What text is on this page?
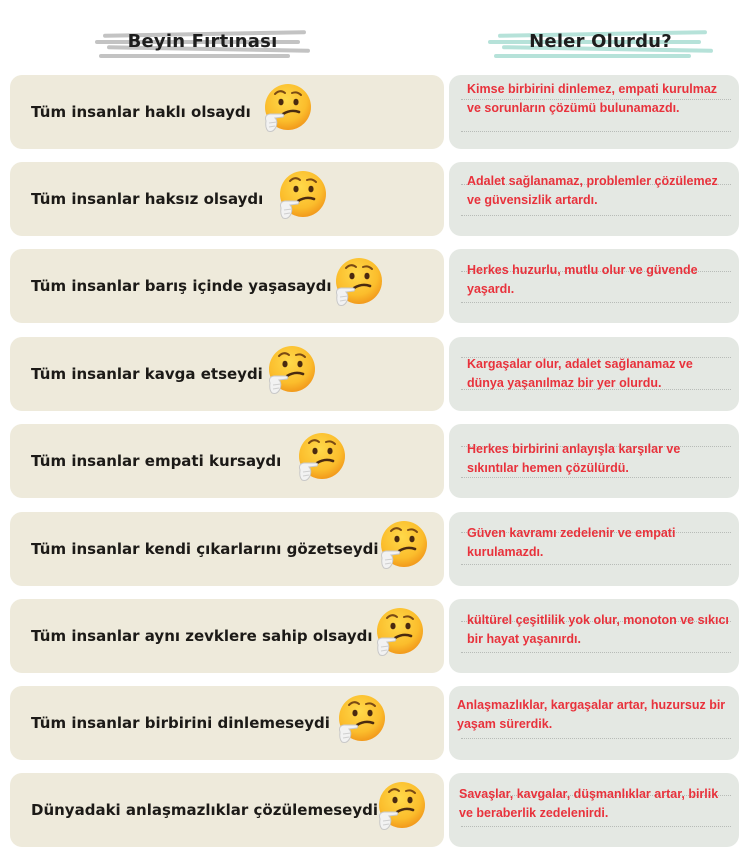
Beyin Fırtınası	Neler Olurdu?
Tüm insanlar haklı olsaydı
Kimse birbirini dinlemez, empati kurulmaz ve sorunların çözümü bulunamazdı.
Tüm insanlar haksız olsaydı
Adalet sağlanamaz, problemler çözülemez ve güvensizlik artardı.
Tüm insanlar barış içinde yaşasaydı
Herkes huzurlu, mutlu olur ve güvende yaşardı.
Tüm insanlar kavga etseydi
Kargaşalar olur, adalet sağlanamaz ve dünya yaşanılmaz bir yer olurdu.
Tüm insanlar empati kursaydı
Herkes birbirini anlayışla karşılar ve sıkıntılar hemen çözülürdü.
Tüm insanlar kendi çıkarlarını gözetseydi
Güven kavramı zedelenir ve empati kurulamazdı.
Tüm insanlar aynı zevklere sahip olsaydı
kültürel çeşitlilik yok olur, monoton ve sıkıcı bir hayat yaşanırdı.
Tüm insanlar birbirini dinlemeseydi
Anlaşmazlıklar, kargaşalar artar, huzursuz bir yaşam sürerdik.
Dünyadaki anlaşmazlıklar çözülemeseydi
Savaşlar, kavgalar, düşmanlıklar artar, birlik ve beraberlik zedelenirdi.
